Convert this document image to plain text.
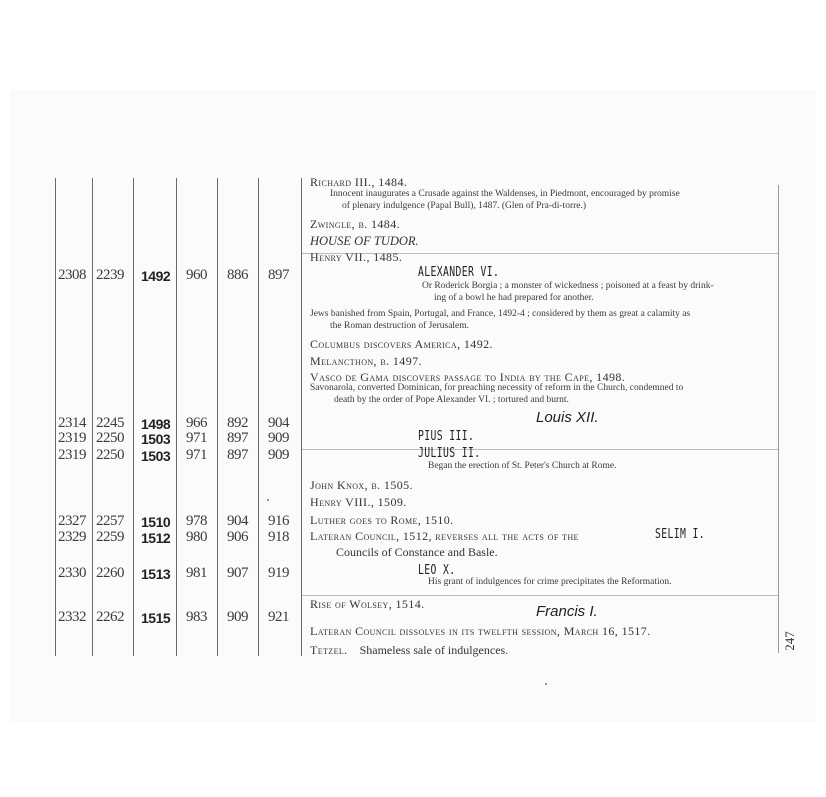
2308 2239 1492 960 886 897
2314 2245 1498 966 892 904
2319 2250 1503 971 897 909
2319 2250 1503 971 897 909
2327 2257 1510 978 904 916
2329 2259 1512 980 906 918
2330 2260 1513 981 907 919
2332 2262 1515 983 909 921
Richard III., 1484.
Innocent inaugurates a Crusade against the Waldenses, in Piedmont, encouraged by promise
of plenary indulgence (Papal Bull), 1487. (Glen of Pra-di-torre.)
Zwingle, b. 1484.
HOUSE OF TUDOR.
Henry VII., 1485.
ALEXANDER VI.
Or Roderick Borgia ; a monster of wickedness ; poisoned at a feast by drink-
ing of a bowl he had prepared for another.
Jews banished from Spain, Portugal, and France, 1492-4 ; considered by them as great a calamity as
the Roman destruction of Jerusalem.
Columbus discovers America, 1492.
Melancthon, b. 1497.
Vasco de Gama discovers passage to India by the Cape, 1498.
Savonarola, converted Dominican, for preaching necessity of reform in the Church, condemned to
death by the order of Pope Alexander VI. ; tortured and burnt.
Louis XII.
PIUS III.
JULIUS II.
Began the erection of St. Peter's Church at Rome.
John Knox, b. 1505.
Henry VIII., 1509.
Luther goes to Rome, 1510.
Lateran Council, 1512, reverses all the acts of the	SELIM I.
Councils of Constance and Basle.
LEO X.
His grant of indulgences for crime precipitates the Reformation.
Rise of Wolsey, 1514.	Francis I.
Lateran Council dissolves in its twelfth session, March 16, 1517.
Tetzel. Shameless sale of indulgences.	247
